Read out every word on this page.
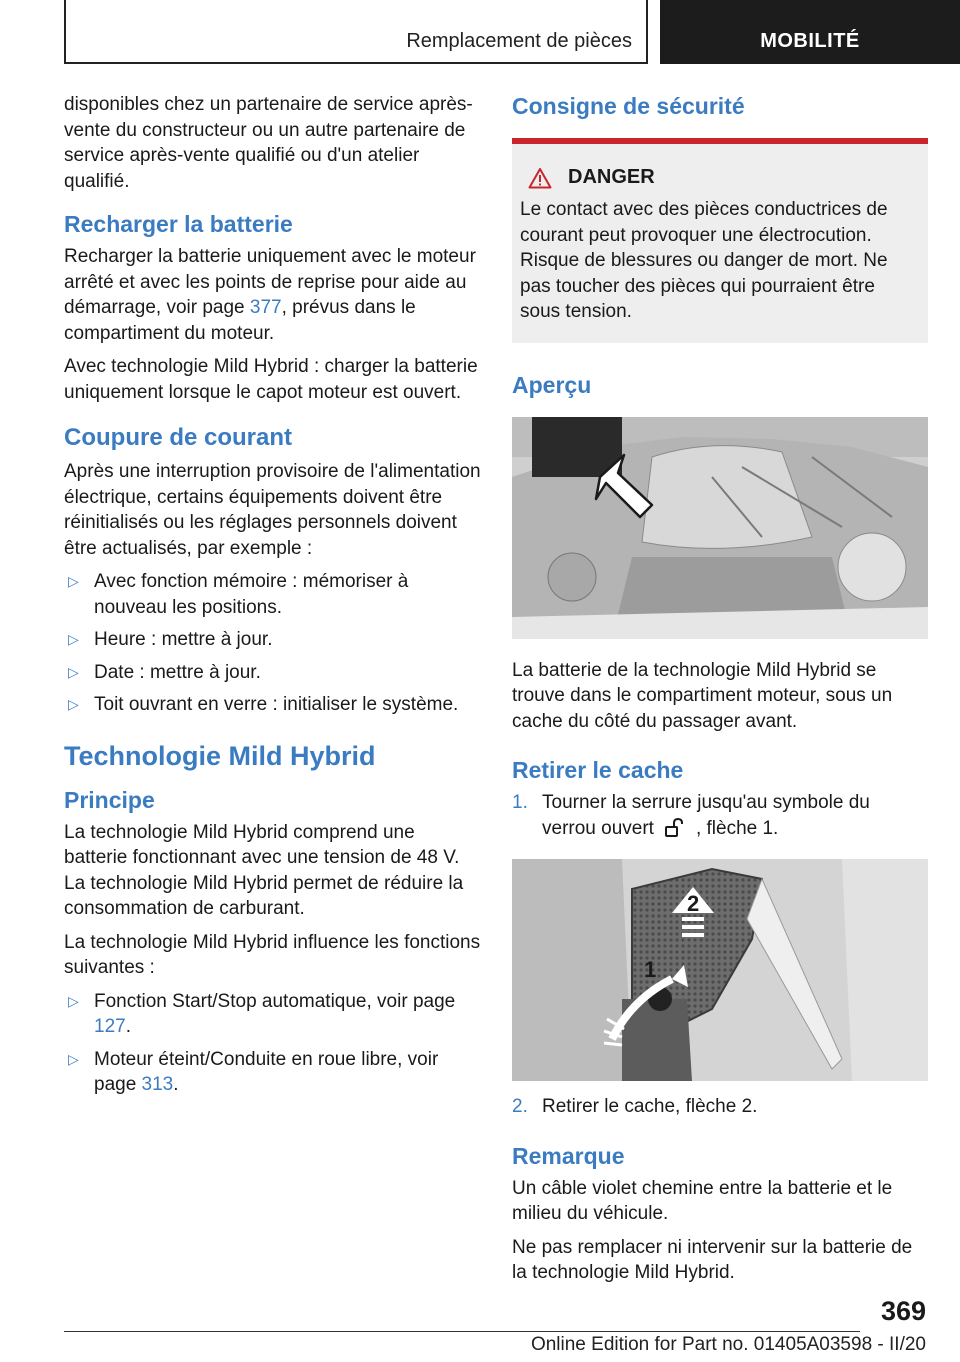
Remplacement de pièces	MOBILITÉ

disponibles chez un partenaire de service après-vente du constructeur ou un autre partenaire de service après-vente qualifié ou d'un atelier qualifié.

Recharger la batterie

Recharger la batterie uniquement avec le moteur arrêté et avec les points de reprise pour aide au démarrage, voir page 377, prévus dans le compartiment du moteur.

Avec technologie Mild Hybrid : charger la batterie uniquement lorsque le capot moteur est ouvert.

Coupure de courant

Après une interruption provisoire de l'alimentation électrique, certains équipements doivent être réinitialisés ou les réglages personnels doivent être actualisés, par exemple :

▷ Avec fonction mémoire : mémoriser à nouveau les positions.
▷ Heure : mettre à jour.
▷ Date : mettre à jour.
▷ Toit ouvrant en verre : initialiser le système.
Technologie Mild Hybrid
Principe

La technologie Mild Hybrid comprend une batterie fonctionnant avec une tension de 48 V. La technologie Mild Hybrid permet de réduire la consommation de carburant.

La technologie Mild Hybrid influence les fonctions suivantes :

▷ Fonction Start/Stop automatique, voir page 127.
▷ Moteur éteint/Conduite en roue libre, voir page 313.
Consigne de sécurité
DANGER

Le contact avec des pièces conductrices de courant peut provoquer une électrocution. Risque de blessures ou danger de mort. Ne pas toucher des pièces qui pourraient être sous tension.

Aperçu

La batterie de la technologie Mild Hybrid se trouve dans le compartiment moteur, sous un cache du côté du passager avant.

Retirer le cache
1. Tourner la serrure jusqu'au symbole du verrou ouvert , flèche 1.
2
1
2. Retirer le cache, flèche 2.
Remarque

Un câble violet chemine entre la batterie et le milieu du véhicule.

Ne pas remplacer ni intervenir sur la batterie de la technologie Mild Hybrid.

369
Online Edition for Part no. 01405A03598 - II/20
